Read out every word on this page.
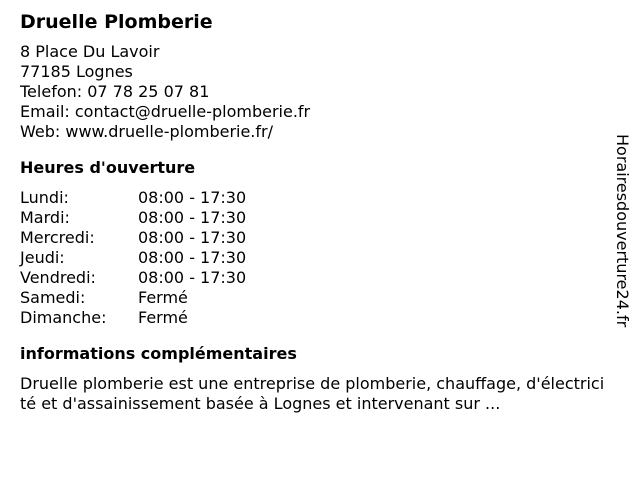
Druelle Plomberie
8 Place Du Lavoir
77185 Lognes
Telefon: 07 78 25 07 81
Email: contact@druelle-plomberie.fr
Web: www.druelle-plomberie.fr/
Heures d'ouverture
Lundi:	08:00 - 17:30
Mardi:	08:00 - 17:30
Mercredi:	08:00 - 17:30
Jeudi:	08:00 - 17:30
Vendredi:	08:00 - 17:30
Samedi:	Fermé
Dimanche:	Fermé
informations complémentaires
Druelle plomberie est une entreprise de plomberie, chauffage, d'électricité et d'assainissement basée à Lognes et intervenant sur ...
Horairesdouverture24.fr
